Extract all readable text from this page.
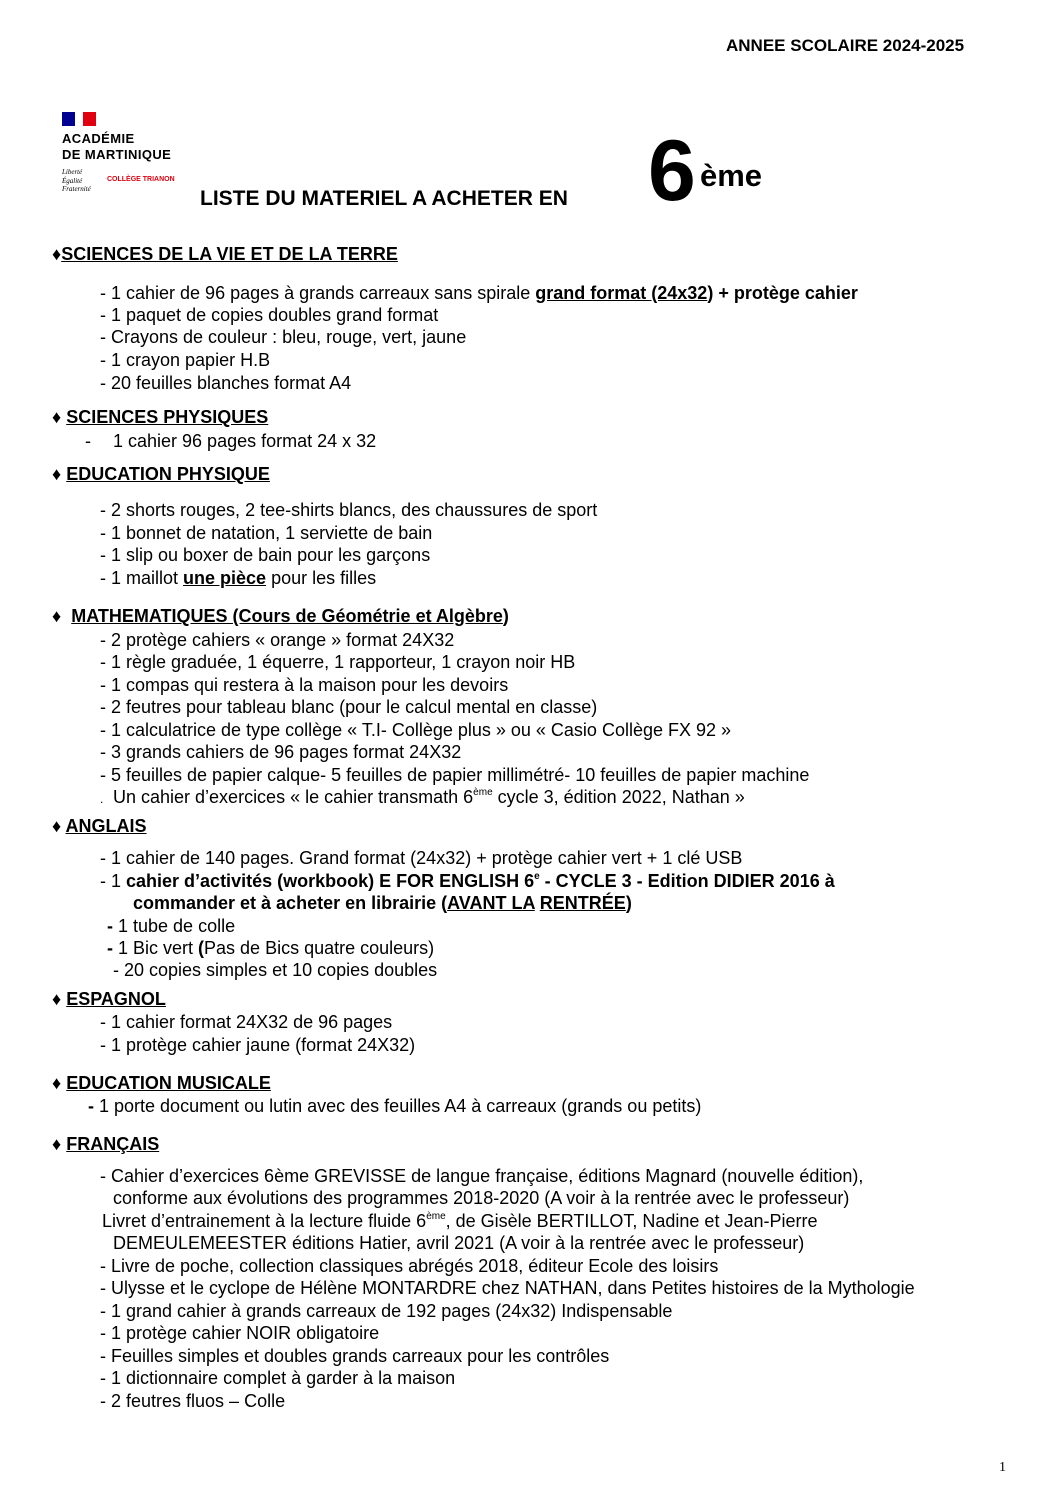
ANNEE SCOLAIRE 2024-2025
ACADÉMIE
DE MARTINIQUE
Liberté
Égalité
Fraternité
COLLÈGE TRIANON
LISTE DU MATERIEL A ACHETER EN 6 ème
♦SCIENCES DE LA VIE ET DE LA TERRE
- 1 cahier de 96 pages à grands carreaux sans spirale grand format (24x32) + protège cahier
- 1 paquet de copies doubles grand format
- Crayons de couleur : bleu, rouge, vert, jaune
- 1 crayon papier H.B
- 20 feuilles blanches format A4
♦ SCIENCES PHYSIQUES
- 1 cahier 96 pages format 24 x 32
♦ EDUCATION PHYSIQUE
- 2 shorts rouges, 2 tee-shirts blancs, des chaussures de sport
- 1 bonnet de natation, 1 serviette de bain
- 1 slip ou boxer de bain pour les garçons
- 1 maillot une pièce pour les filles
♦ MATHEMATIQUES (Cours de Géométrie et Algèbre)
- 2 protège cahiers « orange » format 24X32
- 1 règle graduée, 1 équerre, 1 rapporteur, 1 crayon noir HB
- 1 compas qui restera à la maison pour les devoirs
- 2 feutres pour tableau blanc (pour le calcul mental en classe)
- 1 calculatrice de type collège « T.I- Collège plus » ou « Casio Collège FX 92 »
- 3 grands cahiers de 96 pages format 24X32
- 5 feuilles de papier calque- 5 feuilles de papier millimétré- 10 feuilles de papier machine
. Un cahier d’exercices « le cahier transmath 6ème cycle 3, édition 2022, Nathan »
♦ ANGLAIS
- 1 cahier de 140 pages. Grand format (24x32) + protège cahier vert + 1 clé USB
- 1 cahier d’activités (workbook) E FOR ENGLISH 6e - CYCLE 3 - Edition DIDIER 2016 à
commander et à acheter en librairie (AVANT LA RENTRÉE)
- 1 tube de colle
- 1 Bic vert (Pas de Bics quatre couleurs)
- 20 copies simples et 10 copies doubles
♦ ESPAGNOL
- 1 cahier format 24X32 de 96 pages
- 1 protège cahier jaune (format 24X32)
♦ EDUCATION MUSICALE
- 1 porte document ou lutin avec des feuilles A4 à carreaux (grands ou petits)
♦ FRANÇAIS
- Cahier d’exercices 6ème GREVISSE de langue française, éditions Magnard (nouvelle édition),
conforme aux évolutions des programmes 2018-2020 (A voir à la rentrée avec le professeur)
Livret d’entrainement à la lecture fluide 6ème, de Gisèle BERTILLOT, Nadine et Jean-Pierre
DEMEULEMEESTER éditions Hatier, avril 2021 (A voir à la rentrée avec le professeur)
- Livre de poche, collection classiques abrégés 2018, éditeur Ecole des loisirs
- Ulysse et le cyclope de Hélène MONTARDRE chez NATHAN, dans Petites histoires de la Mythologie
- 1 grand cahier à grands carreaux de 192 pages (24x32) Indispensable
- 1 protège cahier NOIR obligatoire
- Feuilles simples et doubles grands carreaux pour les contrôles
- 1 dictionnaire complet à garder à la maison
- 2 feutres fluos – Colle
1
